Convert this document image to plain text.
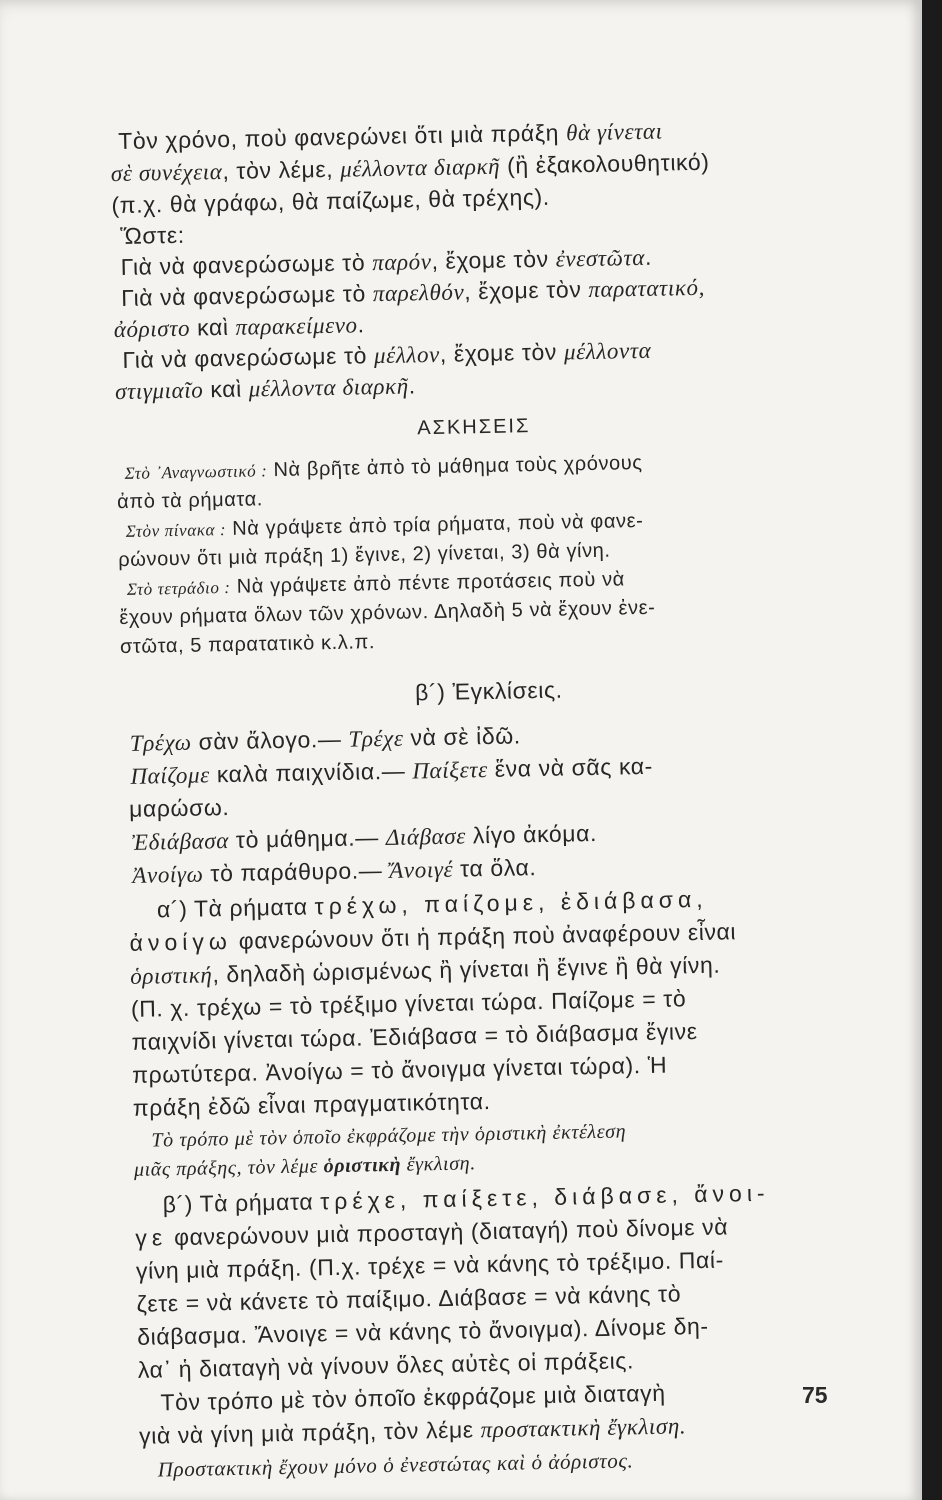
Τὸν χρόνο, ποὺ φανερώνει ὅτι μιὰ πράξη θὰ γίνεται
σὲ συνέχεια, τὸν λέμε, μέλλοντα διαρκῆ (ἢ ἐξακολουθητικό)
(π.χ. θὰ γράφω, θὰ παίζωμε, θὰ τρέχης).
Ὥστε:
Γιὰ νὰ φανερώσωμε τὸ παρόν, ἔχομε τὸν ἐνεστῶτα.
Γιὰ νὰ φανερώσωμε τὸ παρελθόν, ἔχομε τὸν παρατατικό,
ἀόριστο καὶ παρακείμενο.
Γιὰ νὰ φανερώσωμε τὸ μέλλον, ἔχομε τὸν μέλλοντα
στιγμιαῖο καὶ μέλλοντα διαρκῆ.
ΑΣΚΗΣΕΙΣ
Στὸ ᾽Αναγνωστικό : Νὰ βρῆτε ἀπὸ τὸ μάθημα τοὺς χρόνους
ἀπὸ τὰ ρήματα.
Στὸν πίνακα : Νὰ γράψετε ἀπὸ τρία ρήματα, ποὺ νὰ φανε-
ρώνουν ὅτι μιὰ πράξη 1) ἔγινε, 2) γίνεται, 3) θὰ γίνη.
Στὸ τετράδιο : Νὰ γράψετε ἀπὸ πέντε προτάσεις ποὺ νὰ
ἔχουν ρήματα ὅλων τῶν χρόνων. Δηλαδὴ 5 νὰ ἔχουν ἐνε-
στῶτα, 5 παρατατικὸ κ.λ.π.
β´) Ἐγκλίσεις.
Τρέχω σὰν ἄλογο.— Τρέχε νὰ σὲ ἰδῶ.
Παίζομε καλὰ παιχνίδια.— Παίξετε ἕνα νὰ σᾶς κα-
μαρώσω.
Ἐδιάβασα τὸ μάθημα.— Διάβασε λίγο ἀκόμα.
Ἀνοίγω τὸ παράθυρο.— Ἄνοιγέ τα ὅλα.
α´) Τὰ ρήματα τρέχω, παίζομε, ἐδιάβασα,
ἀνοίγω φανερώνουν ὅτι ἡ πράξη ποὺ ἀναφέρουν εἶναι
ὁριστική, δηλαδὴ ὡρισμένως ἢ γίνεται ἢ ἔγινε ἢ θὰ γίνη.
(Π. χ. τρέχω = τὸ τρέξιμο γίνεται τώρα. Παίζομε = τὸ
παιχνίδι γίνεται τώρα. Ἐδιάβασα = τὸ διάβασμα ἔγινε
πρωτύτερα. Ἀνοίγω = τὸ ἄνοιγμα γίνεται τώρα). Ἡ
πράξη ἐδῶ εἶναι πραγματικότητα.
Τὸ τρόπο μὲ τὸν ὁποῖο ἐκφράζομε τὴν ὁριστικὴ ἐκτέλεση
μιᾶς πράξης, τὸν λέμε ὁριστικὴ ἔγκλιση.
β´) Τὰ ρήματα τρέχε, παίξετε, διάβασε, ἄνοι-
γε φανερώνουν μιὰ προσταγὴ (διαταγή) ποὺ δίνομε νὰ
γίνη μιὰ πράξη. (Π.χ. τρέχε = νὰ κάνης τὸ τρέξιμο. Παί-
ζετε = νὰ κάνετε τὸ παίξιμο. Διάβασε = νὰ κάνης τὸ
διάβασμα. Ἄνοιγε = νὰ κάνης τὸ ἄνοιγμα). Δίνομε δη-
λα᾽ ἡ διαταγὴ νὰ γίνουν ὅλες αὐτὲς οἱ πράξεις.
Τὸν τρόπο μὲ τὸν ὁποῖο ἐκφράζομε μιὰ διαταγὴ
γιὰ νὰ γίνη μιὰ πράξη, τὸν λέμε προστακτικὴ ἔγκλιση.
Προστακτικὴ ἔχουν μόνο ὁ ἐνεστώτας καὶ ὁ ἀόριστος.
75
